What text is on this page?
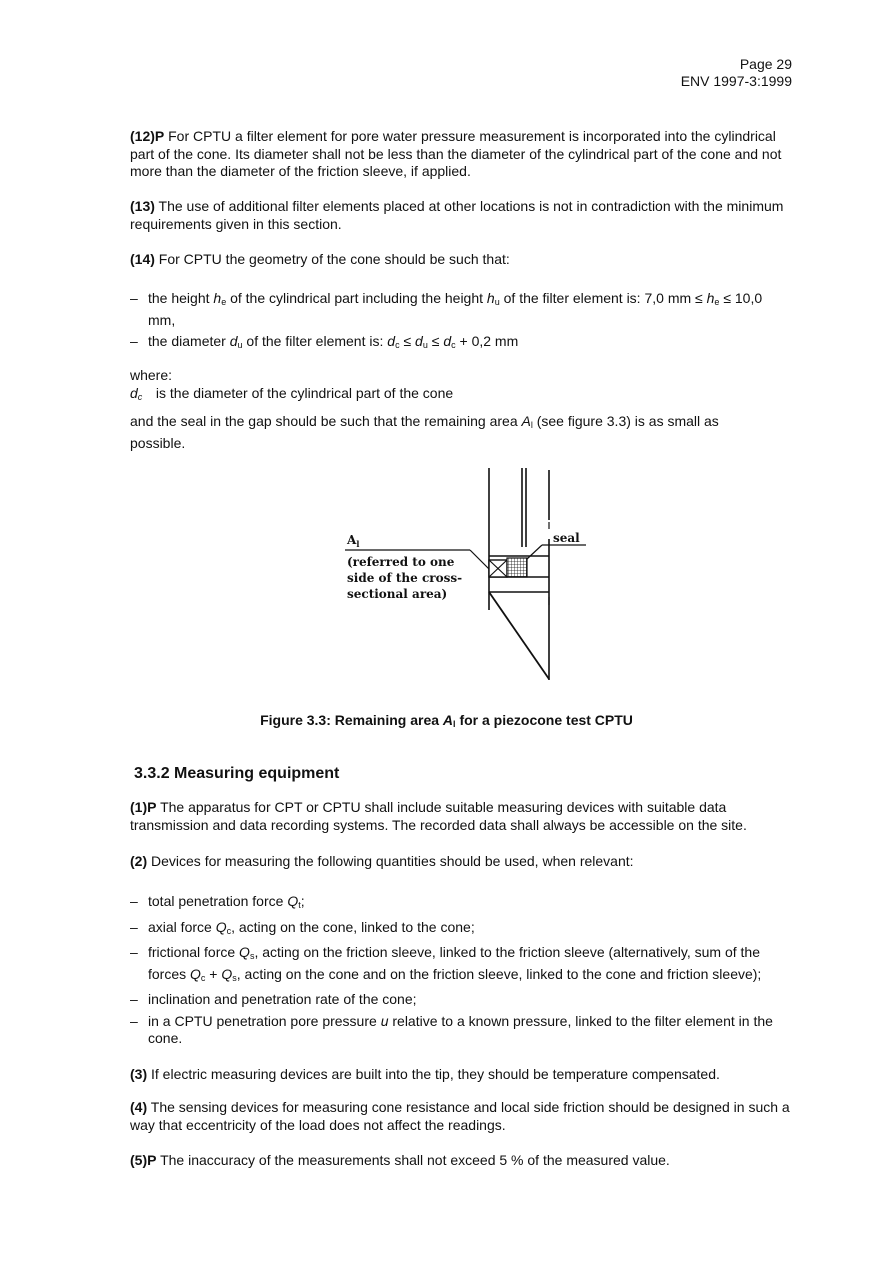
Page 29
ENV 1997-3:1999
(12)P For CPTU a filter element for pore water pressure measurement is incorporated into the cylindrical part of the cone. Its diameter shall not be less than the diameter of the cylindrical part of the cone and not more than the diameter of the friction sleeve, if applied.
(13) The use of additional filter elements placed at other locations is not in contradiction with the minimum requirements given in this section.
(14) For CPTU the geometry of the cone should be such that:
– the height $h_e$ of the cylindrical part including the height $h_u$ of the filter element is: 7,0 mm ≤ $h_e \le 10,0$ mm,
– the diameter $d_u$ of the filter element is: $d_c \le d_u \le d_c + 0,2$ mm
where:
$d_c$ is the diameter of the cylindrical part of the cone
and the seal in the gap should be such that the remaining area $A_l$ (see figure 3.3) is as small as possible.
$A_l$
(referred to one
side of the cross-
sectional area)
seal
Figure 3.3: Remaining area $A_l$ for a piezocone test CPTU
3.3.2 Measuring equipment
(1)P The apparatus for CPT or CPTU shall include suitable measuring devices with suitable data transmission and data recording systems. The recorded data shall always be accessible on the site.
(2) Devices for measuring the following quantities should be used, when relevant:
– total penetration force $Q_t$;
– axial force $Q_c$, acting on the cone, linked to the cone;
– frictional force $Q_s$, acting on the friction sleeve, linked to the friction sleeve (alternatively, sum of the forces $Q_c + Q_s$, acting on the cone and on the friction sleeve, linked to the cone and friction sleeve);
– inclination and penetration rate of the cone;
– in a CPTU penetration pore pressure u relative to a known pressure, linked to the filter element in the cone.
(3) If electric measuring devices are built into the tip, they should be temperature compensated.
(4) The sensing devices for measuring cone resistance and local side friction should be designed in such a way that eccentricity of the load does not affect the readings.
(5)P The inaccuracy of the measurements shall not exceed 5 % of the measured value.
